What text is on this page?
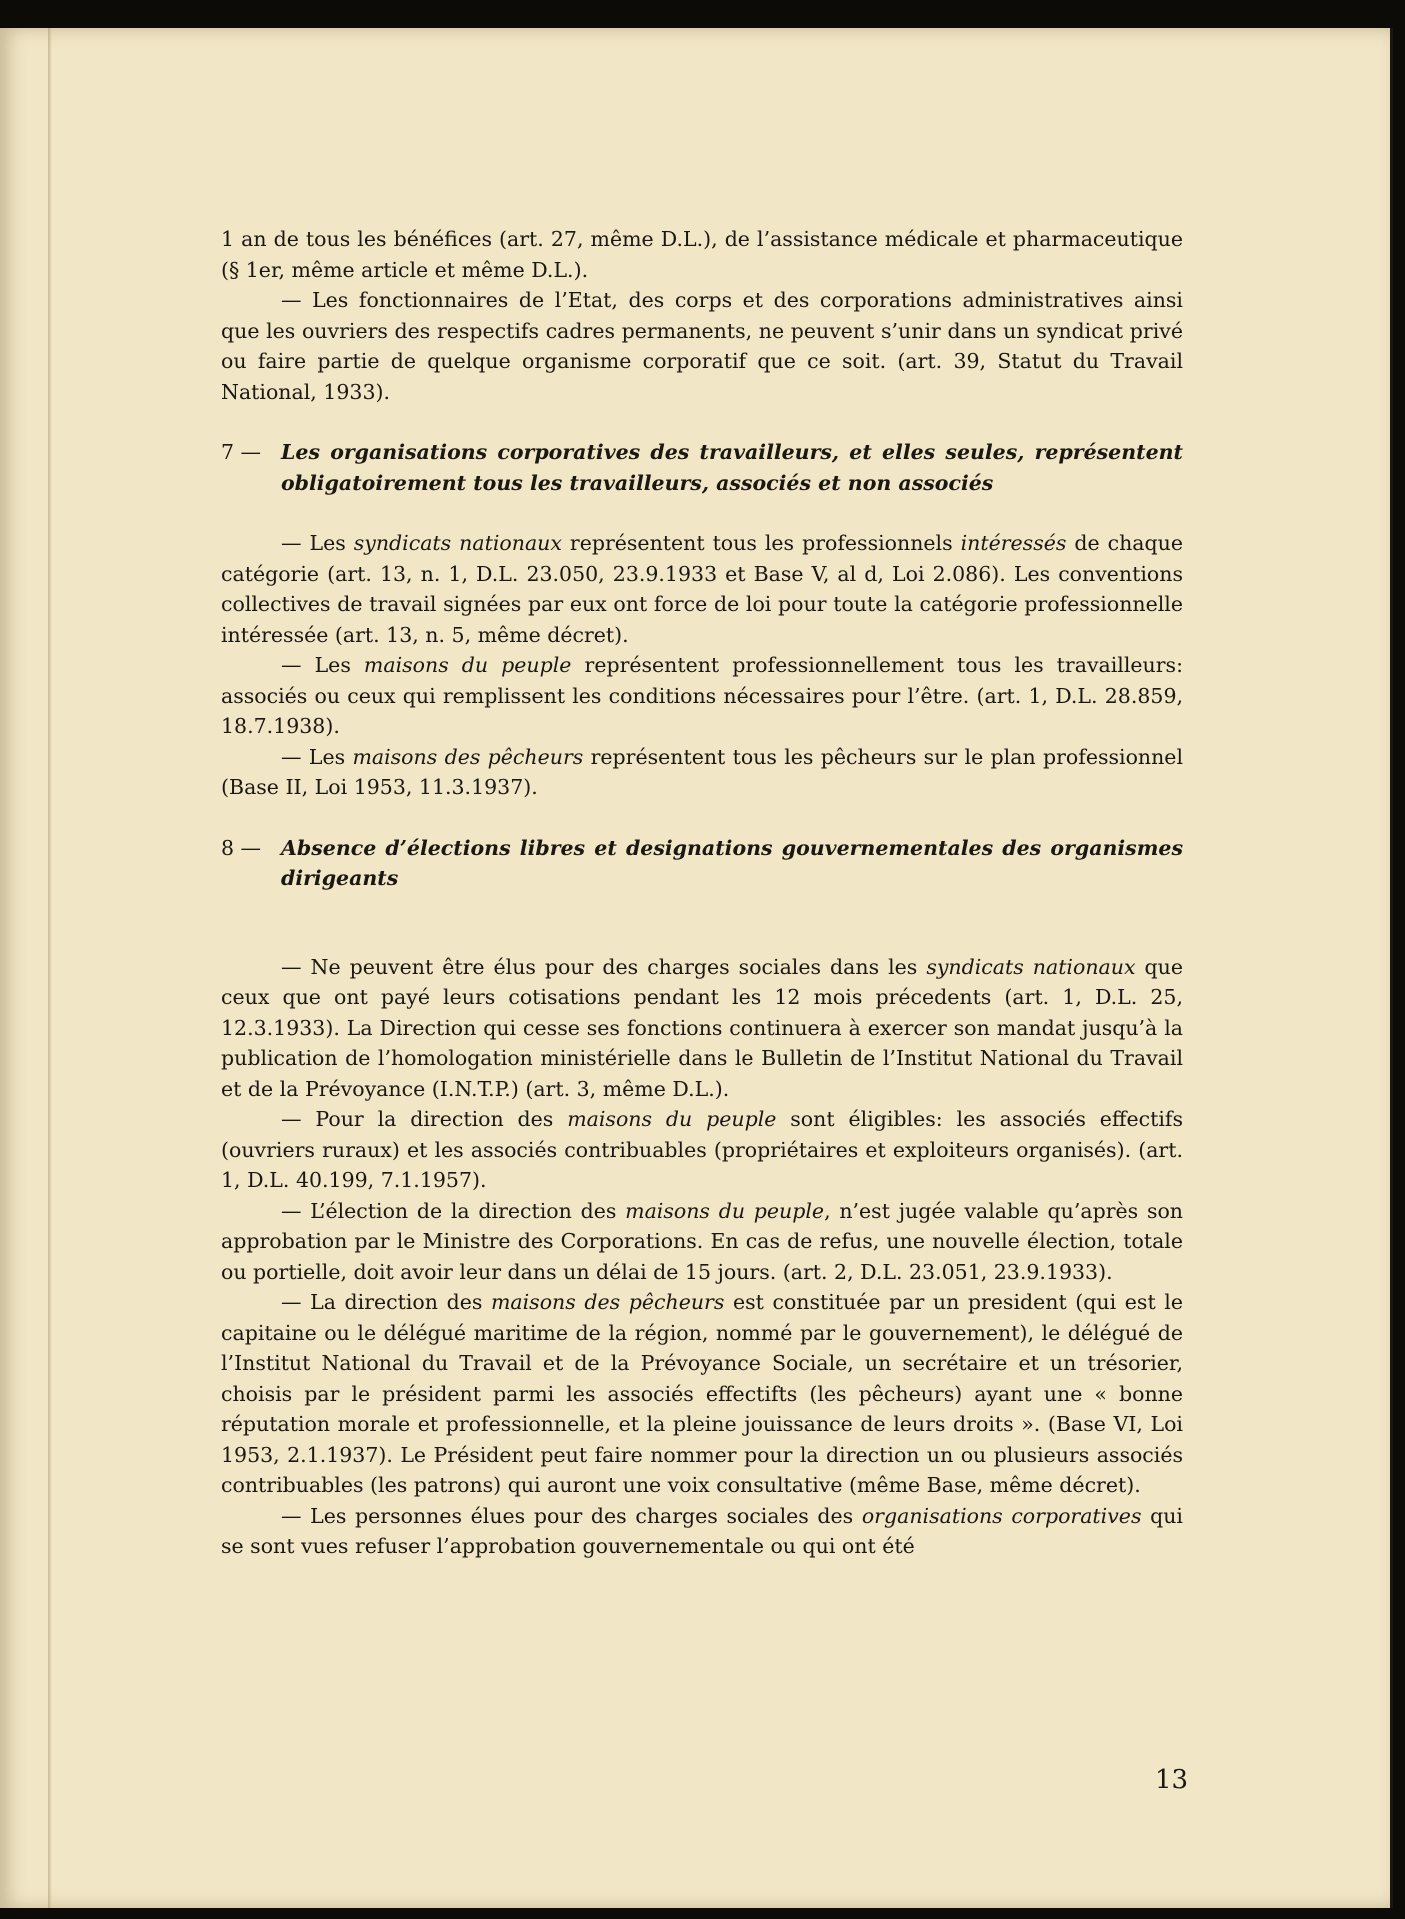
1 an de tous les bénéfices (art. 27, même D.L.), de l’assistance médicale et pharmaceutique (§ 1er, même article et même D.L.).

— Les fonctionnaires de l’Etat, des corps et des corporations administratives ainsi que les ouvriers des respectifs cadres permanents, ne peuvent s’unir dans un syndicat privé ou faire partie de quelque organisme corporatif que ce soit. (art. 39, Statut du Travail National, 1933).

7 — Les organisations corporatives des travailleurs, et elles seules, représentent obligatoirement tous les travailleurs, associés et non associés

— Les syndicats nationaux représentent tous les professionnels intéressés de chaque catégorie (art. 13, n. 1, D.L. 23.050, 23.9.1933 et Base V, al d, Loi 2.086). Les conventions collectives de travail signées par eux ont force de loi pour toute la catégorie professionnelle intéressée (art. 13, n. 5, même décret).

— Les maisons du peuple représentent professionnellement tous les travailleurs: associés ou ceux qui remplissent les conditions nécessaires pour l’être. (art. 1, D.L. 28.859, 18.7.1938).

— Les maisons des pêcheurs représentent tous les pêcheurs sur le plan professionnel (Base II, Loi 1953, 11.3.1937).

8 — Absence d’élections libres et designations gouvernementales des organismes dirigeants

— Ne peuvent être élus pour des charges sociales dans les syndicats nationaux que ceux que ont payé leurs cotisations pendant les 12 mois précedents (art. 1, D.L. 25, 12.3.1933). La Direction qui cesse ses fonctions continuera à exercer son mandat jusqu’à la publication de l’homologation ministérielle dans le Bulletin de l’Institut National du Travail et de la Prévoyance (I.N.T.P.) (art. 3, même D.L.).

— Pour la direction des maisons du peuple sont éligibles: les associés effectifs (ouvriers ruraux) et les associés contribuables (propriétaires et exploiteurs organisés). (art. 1, D.L. 40.199, 7.1.1957).

— L’élection de la direction des maisons du peuple, n’est jugée valable qu’après son approbation par le Ministre des Corporations. En cas de refus, une nouvelle élection, totale ou portielle, doit avoir leur dans un délai de 15 jours. (art. 2, D.L. 23.051, 23.9.1933).

— La direction des maisons des pêcheurs est constituée par un president (qui est le capitaine ou le délégué maritime de la région, nommé par le gouvernement), le délégué de l’Institut National du Travail et de la Prévoyance Sociale, un secrétaire et un trésorier, choisis par le président parmi les associés effectifts (les pêcheurs) ayant une « bonne réputation morale et professionnelle, et la pleine jouissance de leurs droits ». (Base VI, Loi 1953, 2.1.1937). Le Président peut faire nommer pour la direction un ou plusieurs associés contribuables (les patrons) qui auront une voix consultative (même Base, même décret).

— Les personnes élues pour des charges sociales des organisations corporatives qui se sont vues refuser l’approbation gouvernementale ou qui ont été

13
